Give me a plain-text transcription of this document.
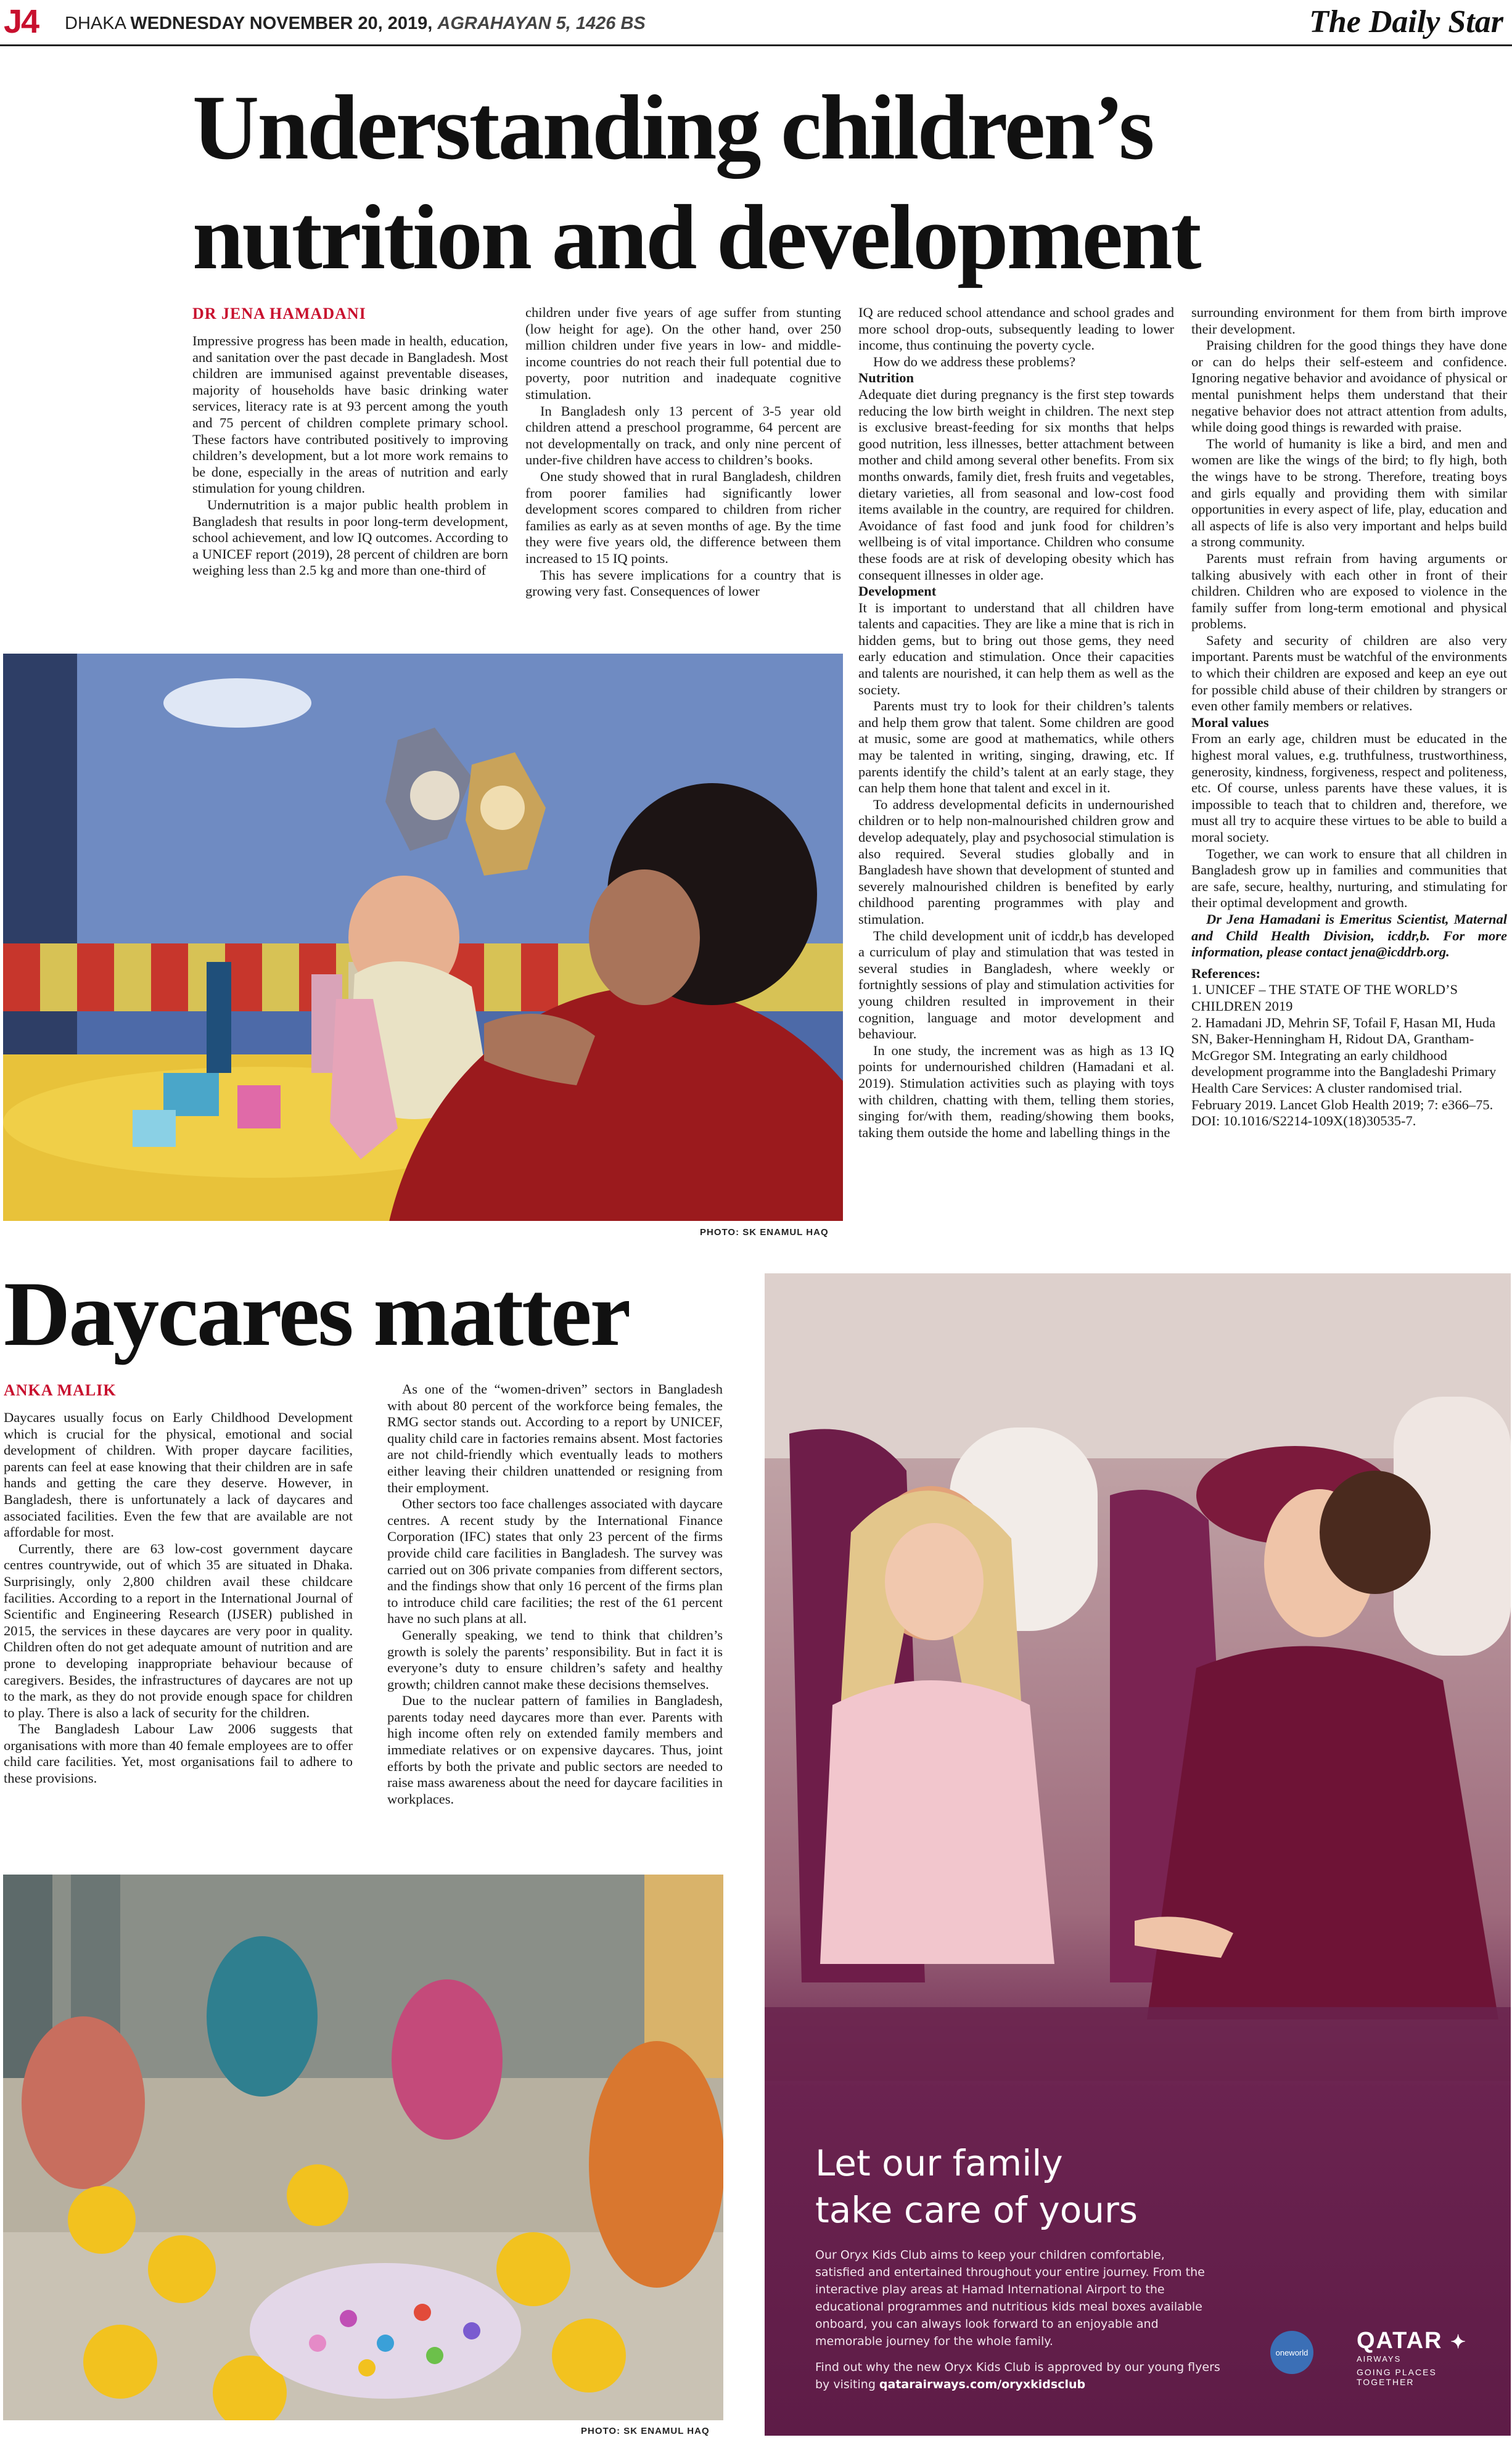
J4 DHAKA WEDNESDAY NOVEMBER 20, 2019, AGRAHAYAN 5, 1426 BS	The Daily Star
Understanding children’s nutrition and development
DR JENA HAMADANI

Impressive progress has been made in health, education, and sanitation over the past decade in Bangladesh. Most children are immunised against preventable diseases, majority of households have basic drinking water services, literacy rate is at 93 percent among the youth and 75 percent of children complete primary school. These factors have contributed positively to improving children’s development, but a lot more work remains to be done, especially in the areas of nutrition and early stimulation for young children.

Undernutrition is a major public health problem in Bangladesh that results in poor long-term development, school achievement, and low IQ outcomes. According to a UNICEF report (2019), 28 percent of children are born weighing less than 2.5 kg and more than one-third of

children under five years of age suffer from stunting (low height for age). On the other hand, over 250 million children under five years in low- and middle-income countries do not reach their full potential due to poverty, poor nutrition and inadequate cognitive stimulation.

In Bangladesh only 13 percent of 3-5 year old children attend a preschool programme, 64 percent are not developmentally on track, and only nine percent of under-five children have access to children’s books.

One study showed that in rural Bangladesh, children from poorer families had significantly lower development scores compared to children from richer families as early as at seven months of age. By the time they were five years old, the difference between them increased to 15 IQ points.

This has severe implications for a country that is growing very fast. Consequences of lower

IQ are reduced school attendance and school grades and more school drop-outs, subsequently leading to lower income, thus continuing the poverty cycle.

How do we address these problems?

Nutrition

Adequate diet during pregnancy is the first step towards reducing the low birth weight in children. The next step is exclusive breast-feeding for six months that helps good nutrition, less illnesses, better attachment between mother and child among several other benefits. From six months onwards, family diet, fresh fruits and vegetables, dietary varieties, all from seasonal and low-cost food items available in the country, are required for children. Avoidance of fast food and junk food for children’s wellbeing is of vital importance. Children who consume these foods are at risk of developing obesity which has consequent illnesses in older age.

Development

It is important to understand that all children have talents and capacities. They are like a mine that is rich in hidden gems, but to bring out those gems, they need early education and stimulation. Once their capacities and talents are nourished, it can help them as well as the society.

Parents must try to look for their children’s talents and help them grow that talent. Some children are good at music, some are good at mathematics, while others may be talented in writing, singing, drawing, etc. If parents identify the child’s talent at an early stage, they can help them hone that talent and excel in it.

To address developmental deficits in undernourished children or to help non-malnourished children grow and develop adequately, play and psychosocial stimulation is also required. Several studies globally and in Bangladesh have shown that development of stunted and severely malnourished children is benefited by early childhood parenting programmes with play and stimulation.

The child development unit of icddr,b has developed a curriculum of play and stimulation that was tested in several studies in Bangladesh, where weekly or fortnightly sessions of play and stimulation activities for young children resulted in improvement in their cognition, language and motor development and behaviour.

In one study, the increment was as high as 13 IQ points for undernourished children (Hamadani et al. 2019). Stimulation activities such as playing with toys with children, chatting with them, telling them stories, singing for/with them, reading/showing them books, taking them outside the home and labelling things in the

surrounding environment for them from birth improve their development.

Praising children for the good things they have done or can do helps their self-esteem and confidence. Ignoring negative behavior and avoidance of physical or mental punishment helps them understand that their negative behavior does not attract attention from adults, while doing good things is rewarded with praise.

The world of humanity is like a bird, and men and women are like the wings of the bird; to fly high, both the wings have to be strong. Therefore, treating boys and girls equally and providing them with similar opportunities in every aspect of life, play, education and all aspects of life is also very important and helps build a strong community.

Parents must refrain from having arguments or talking abusively with each other in front of their children. Children who are exposed to violence in the family suffer from long-term emotional and physical problems.

Safety and security of children are also very important. Parents must be watchful of the environments to which their children are exposed and keep an eye out for possible child abuse of their children by strangers or even other family members or relatives.

Moral values

From an early age, children must be educated in the highest moral values, e.g. truthfulness, trustworthiness, generosity, kindness, forgiveness, respect and politeness, etc. Of course, unless parents have these values, it is impossible to teach that to children and, therefore, we must all try to acquire these virtues to be able to build a moral society.

Together, we can work to ensure that all children in Bangladesh grow up in families and communities that are safe, secure, healthy, nurturing, and stimulating for their optimal development and growth.

Dr Jena Hamadani is Emeritus Scientist, Maternal and Child Health Division, icddr,b. For more information, please contact jena@icddrb.org.

References:

1. UNICEF – THE STATE OF THE WORLD’S CHILDREN 2019

2. Hamadani JD, Mehrin SF, Tofail F, Hasan MI, Huda SN, Baker-Henningham H, Ridout DA, Grantham-McGregor SM. Integrating an early childhood development programme into the Bangladeshi Primary Health Care Services: A cluster randomised trial. February 2019. Lancet Glob Health 2019; 7: e366–75. DOI: 10.1016/S2214-109X(18)30535-7.

PHOTO: SK ENAMUL HAQ
Daycares matter
ANKA MALIK

Daycares usually focus on Early Childhood Development which is crucial for the physical, emotional and social development of children. With proper daycare facilities, parents can feel at ease knowing that their children are in safe hands and getting the care they deserve. However, in Bangladesh, there is unfortunately a lack of daycares and associated facilities. Even the few that are available are not affordable for most.

Currently, there are 63 low-cost government daycare centres countrywide, out of which 35 are situated in Dhaka. Surprisingly, only 2,800 children avail these childcare facilities. According to a report in the International Journal of Scientific and Engineering Research (IJSER) published in 2015, the services in these daycares are very poor in quality. Children often do not get adequate amount of nutrition and are prone to developing inappropriate behaviour because of caregivers. Besides, the infrastructures of daycares are not up to the mark, as they do not provide enough space for children to play. There is also a lack of security for the children.

The Bangladesh Labour Law 2006 suggests that organisations with more than 40 female employees are to offer child care facilities. Yet, most organisations fail to adhere to these provisions.

As one of the “women-driven” sectors in Bangladesh with about 80 percent of the workforce being females, the RMG sector stands out. According to a report by UNICEF, quality child care in factories remains absent. Most factories are not child-friendly which eventually leads to mothers either leaving their children unattended or resigning from their employment.

Other sectors too face challenges associated with daycare centres. A recent study by the International Finance Corporation (IFC) states that only 23 percent of the firms provide child care facilities in Bangladesh. The survey was carried out on 306 private companies from different sectors, and the findings show that only 16 percent of the firms plan to introduce child care facilities; the rest of the 61 percent have no such plans at all.

Generally speaking, we tend to think that children’s growth is solely the parents’ responsibility. But in fact it is everyone’s duty to ensure children’s safety and healthy growth; children cannot make these decisions themselves.

Due to the nuclear pattern of families in Bangladesh, parents today need daycares more than ever. Parents with high income often rely on extended family members and immediate relatives or on expensive daycares. Thus, joint efforts by both the private and public sectors are needed to raise mass awareness about the need for daycare facilities in workplaces.

PHOTO: SK ENAMUL HAQ
Let our family
take care of yours
Our Oryx Kids Club aims to keep your children comfortable, satisfied and entertained throughout your entire journey. From the interactive play areas at Hamad International Airport to the educational programmes and nutritious kids meal boxes available onboard, you can always look forward to an enjoyable and memorable journey for the whole family.
Find out why the new Oryx Kids Club is approved by our young flyers by visiting qatarairways.com/oryxkidsclub
oneworld QATAR ✦
AIRWAYS
GOING PLACES TOGETHER
